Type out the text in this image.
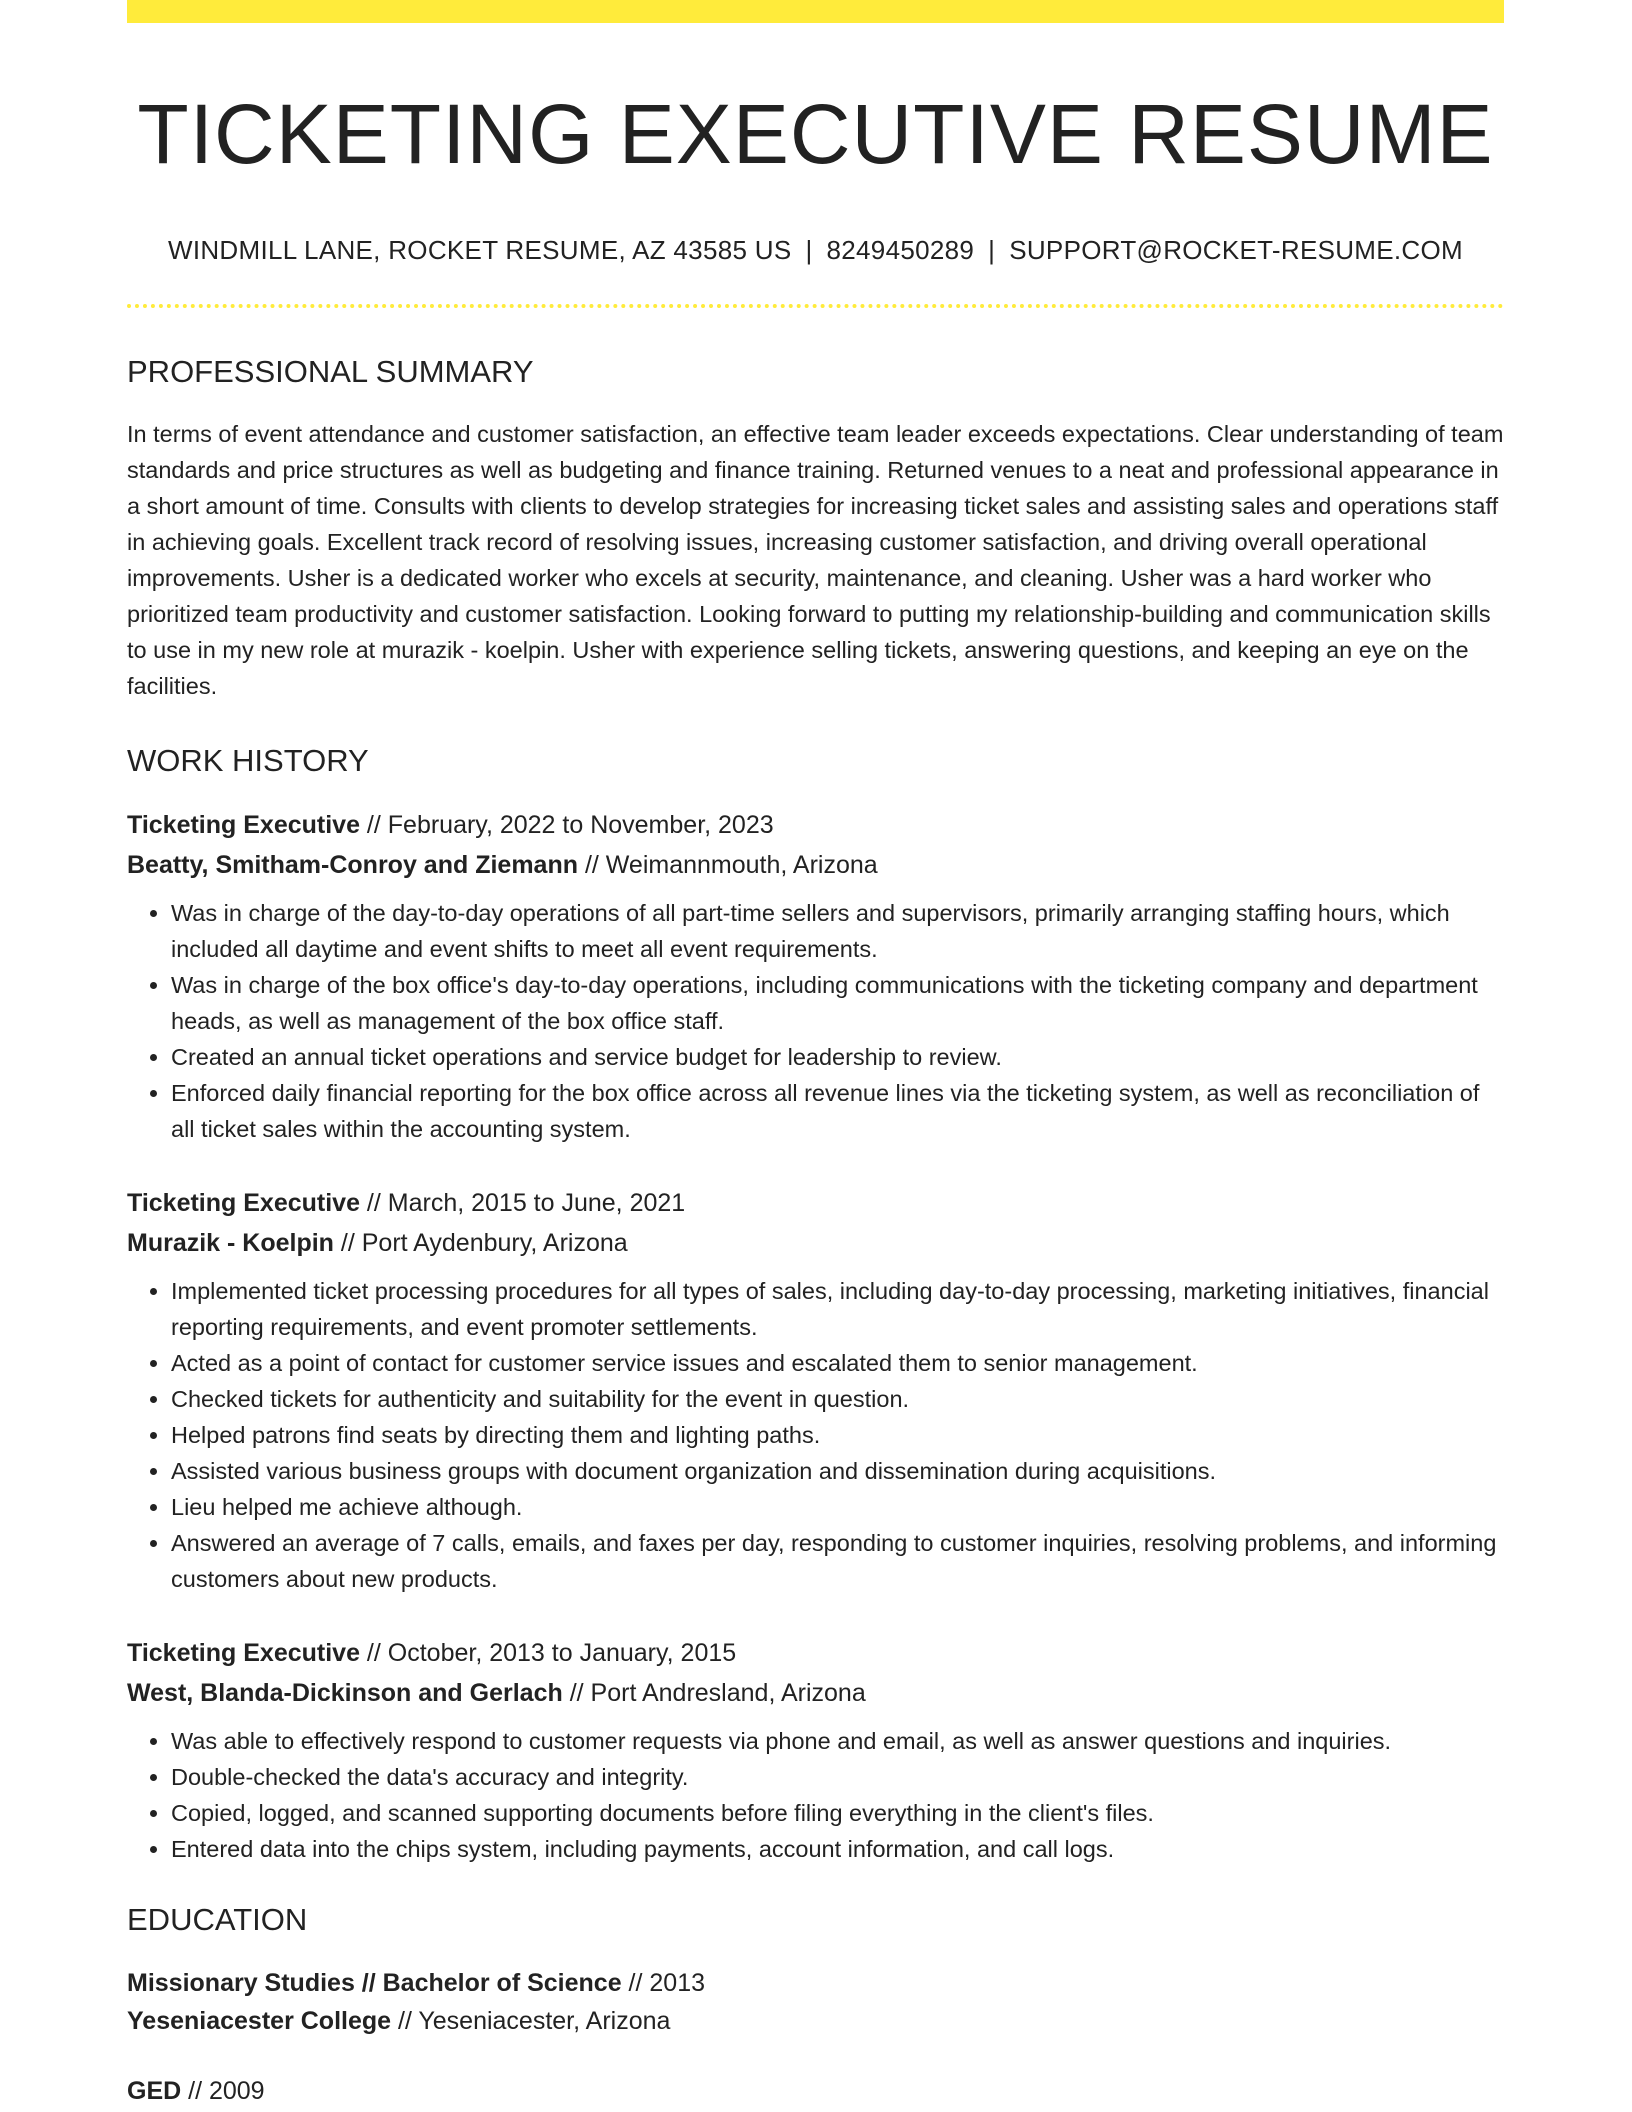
TICKETING EXECUTIVE RESUME
WINDMILL LANE, ROCKET RESUME, AZ 43585 US | 8249450289 | SUPPORT@ROCKET-RESUME.COM
PROFESSIONAL SUMMARY
In terms of event attendance and customer satisfaction, an effective team leader exceeds expectations. Clear understanding of team standards and price structures as well as budgeting and finance training. Returned venues to a neat and professional appearance in a short amount of time. Consults with clients to develop strategies for increasing ticket sales and assisting sales and operations staff in achieving goals. Excellent track record of resolving issues, increasing customer satisfaction, and driving overall operational improvements. Usher is a dedicated worker who excels at security, maintenance, and cleaning. Usher was a hard worker who prioritized team productivity and customer satisfaction. Looking forward to putting my relationship-building and communication skills to use in my new role at murazik - koelpin. Usher with experience selling tickets, answering questions, and keeping an eye on the facilities.
WORK HISTORY
Ticketing Executive // February, 2022 to November, 2023
Beatty, Smitham-Conroy and Ziemann // Weimannmouth, Arizona
• Was in charge of the day-to-day operations of all part-time sellers and supervisors, primarily arranging staffing hours, which included all daytime and event shifts to meet all event requirements.
• Was in charge of the box office's day-to-day operations, including communications with the ticketing company and department heads, as well as management of the box office staff.
• Created an annual ticket operations and service budget for leadership to review.
• Enforced daily financial reporting for the box office across all revenue lines via the ticketing system, as well as reconciliation of all ticket sales within the accounting system.
Ticketing Executive // March, 2015 to June, 2021
Murazik - Koelpin // Port Aydenbury, Arizona
• Implemented ticket processing procedures for all types of sales, including day-to-day processing, marketing initiatives, financial reporting requirements, and event promoter settlements.
• Acted as a point of contact for customer service issues and escalated them to senior management.
• Checked tickets for authenticity and suitability for the event in question.
• Helped patrons find seats by directing them and lighting paths.
• Assisted various business groups with document organization and dissemination during acquisitions.
• Lieu helped me achieve although.
• Answered an average of 7 calls, emails, and faxes per day, responding to customer inquiries, resolving problems, and informing customers about new products.
Ticketing Executive // October, 2013 to January, 2015
West, Blanda-Dickinson and Gerlach // Port Andresland, Arizona
• Was able to effectively respond to customer requests via phone and email, as well as answer questions and inquiries.
• Double-checked the data's accuracy and integrity.
• Copied, logged, and scanned supporting documents before filing everything in the client's files.
• Entered data into the chips system, including payments, account information, and call logs.
EDUCATION
Missionary Studies // Bachelor of Science // 2013
Yeseniacester College // Yeseniacester, Arizona
GED // 2009
